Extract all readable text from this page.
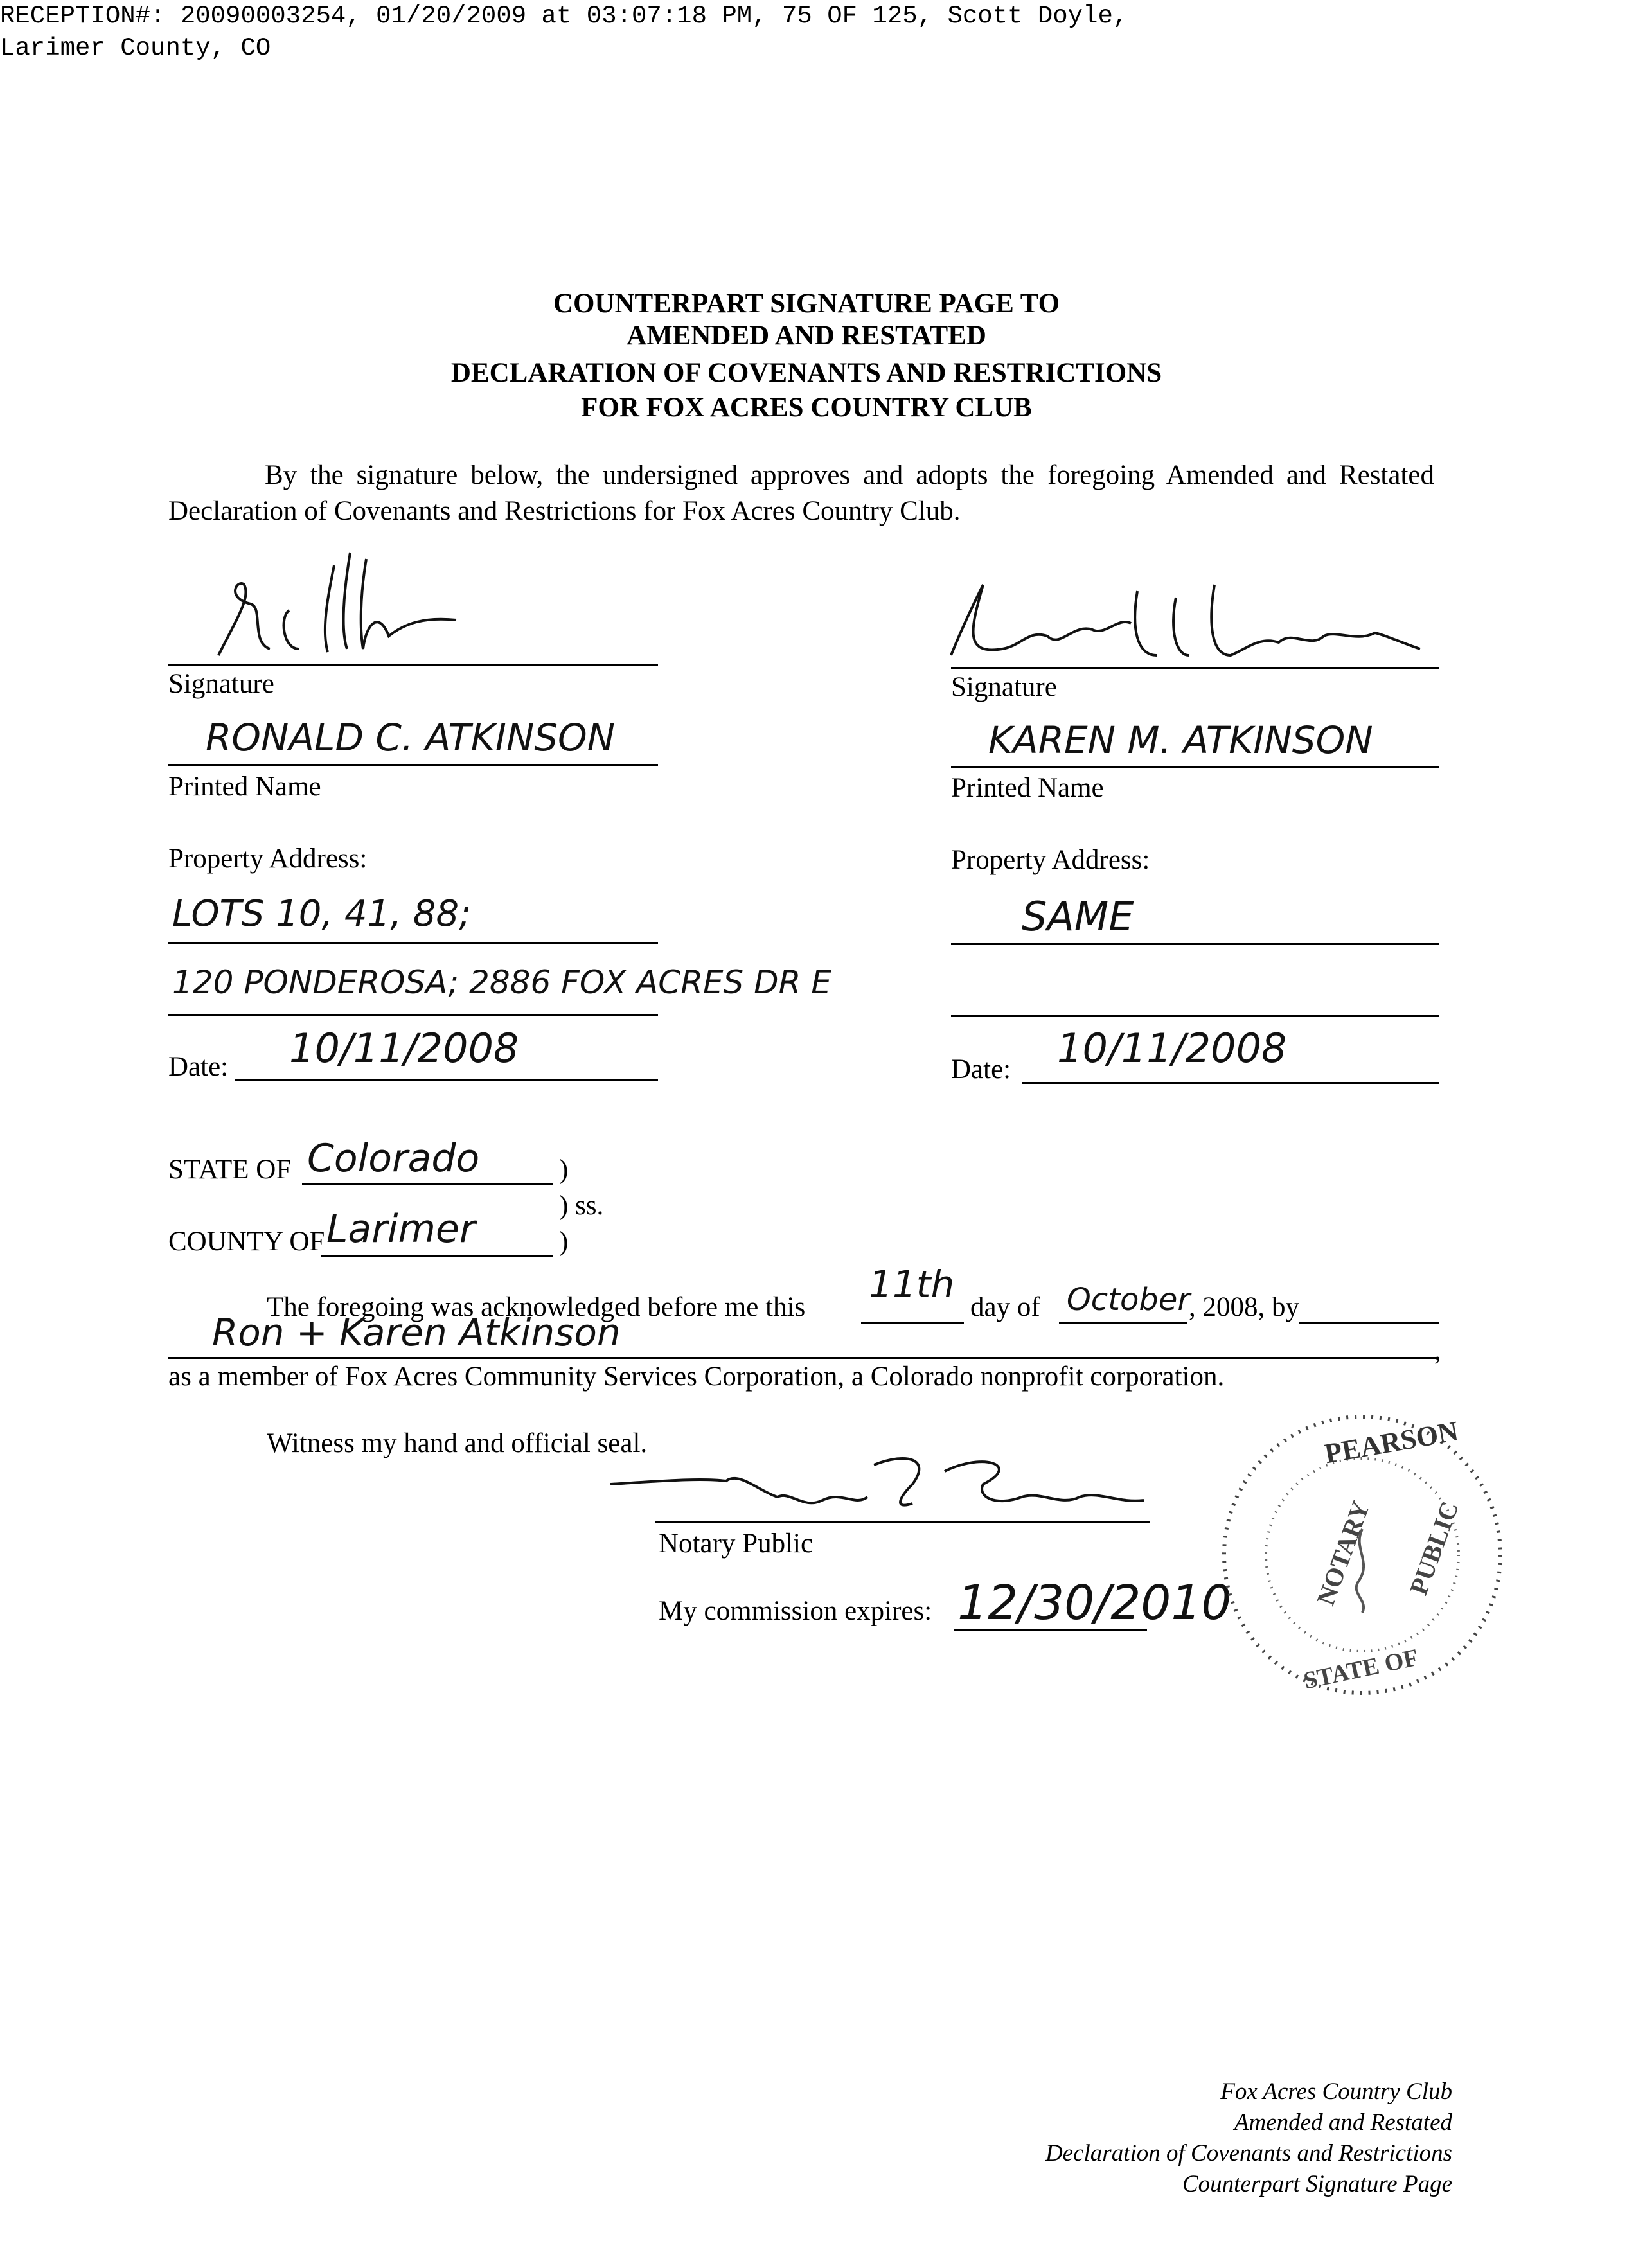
RECEPTION#: 20090003254, 01/20/2009 at 03:07:18 PM, 75 OF 125, Scott Doyle,
Larimer County, CO
COUNTERPART SIGNATURE PAGE TO
AMENDED AND RESTATED
DECLARATION OF COVENANTS AND RESTRICTIONS
FOR FOX ACRES COUNTRY CLUB
By the signature below, the undersigned approves and adopts the foregoing Amended and Restated Declaration of Covenants and Restrictions for Fox Acres Country Club.
Signature
RONALD C. ATKINSON
Printed Name
Property Address:
LOTS 10, 41, 88;
120 PONDEROSA; 2886 FOX ACRES DR E
Date: 10/11/2008
Signature
KAREN M. ATKINSON
Printed Name
Property Address:
SAME
Date: 10/11/2008
STATE OF Colorado	)
) ss.
COUNTY OF Larimer	)
The foregoing was acknowledged before me this
11th
day of October
, 2008, by
Ron + Karen Atkinson	,
as a member of Fox Acres Community Services Corporation, a Colorado nonprofit corporation.
Witness my hand and official seal.
Notary Public
My commission expires: 12/30/2010
PEARSON
NOTARY PUBLIC
STATE OF
Fox Acres Country Club
Amended and Restated
Declaration of Covenants and Restrictions
Counterpart Signature Page
